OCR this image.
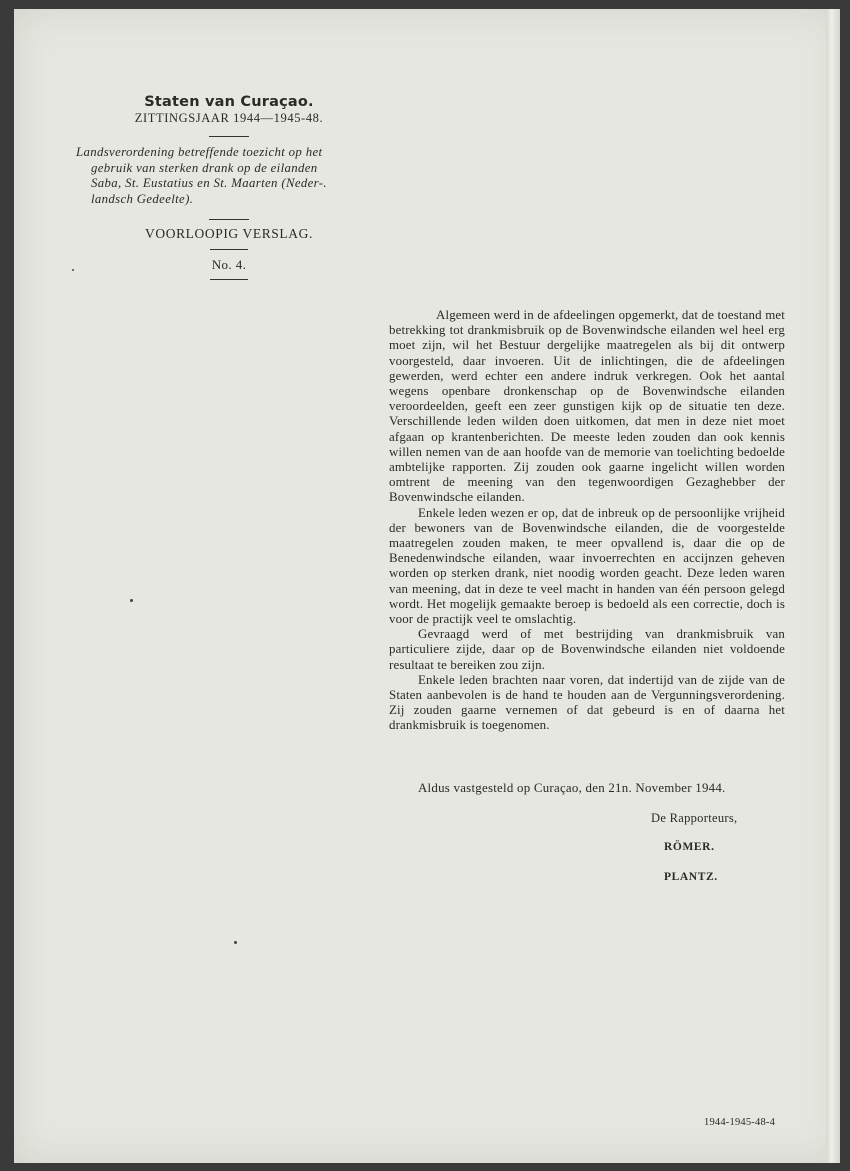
Staten van Curaçao.
ZITTINGSJAAR 1944—1945-48.
Landsverordening betreffende toezicht op het
gebruik van sterken drank op de eilanden
Saba, St. Eustatius en St. Maarten (Neder-.
landsch Gedeelte).
VOORLOOPIG VERSLAG.
No. 4.

Algemeen werd in de afdeelingen opgemerkt, dat de toestand met betrekking tot drankmisbruik op de Bovenwindsche eilanden wel heel erg moet zijn, wil het Bestuur dergelijke maatregelen als bij dit ontwerp voorgesteld, daar invoeren. Uit de inlichtingen, die de afdeelingen gewerden, werd echter een andere indruk verkregen. Ook het aantal wegens openbare dronkenschap op de Bovenwindsche eilanden veroordeelden, geeft een zeer gunstigen kijk op de situatie ten deze. Verschillende leden wilden doen uitkomen, dat men in deze niet moet afgaan op krantenberichten. De meeste leden zouden dan ook kennis willen nemen van de aan hoofde van de memorie van toelichting bedoelde ambtelijke rapporten. Zij zouden ook gaarne ingelicht willen worden omtrent de meening van den tegenwoordigen Gezaghebber der Bovenwindsche eilanden.

Enkele leden wezen er op, dat de inbreuk op de persoonlijke vrijheid der bewoners van de Bovenwindsche eilanden, die de voorgestelde maatregelen zouden maken, te meer opvallend is, daar die op de Benedenwindsche eilanden, waar invoerrechten en accijnzen geheven worden op sterken drank, niet noodig worden geacht. Deze leden waren van meening, dat in deze te veel macht in handen van één persoon gelegd wordt. Het mogelijk gemaakte beroep is bedoeld als een correctie, doch is voor de practijk veel te omslachtig.

Gevraagd werd of met bestrijding van drankmisbruik van particuliere zijde, daar op de Bovenwindsche eilanden niet voldoende resultaat te bereiken zou zijn.

Enkele leden brachten naar voren, dat indertijd van de zijde van de Staten aanbevolen is de hand te houden aan de Vergunningsverordening. Zij zouden gaarne vernemen of dat gebeurd is en of daarna het drankmisbruik is toegenomen.

Aldus vastgesteld op Curaçao, den 21n. November 1944.
De Rapporteurs,
RÖMER.
PLANTZ.
1944-1945-48-4
